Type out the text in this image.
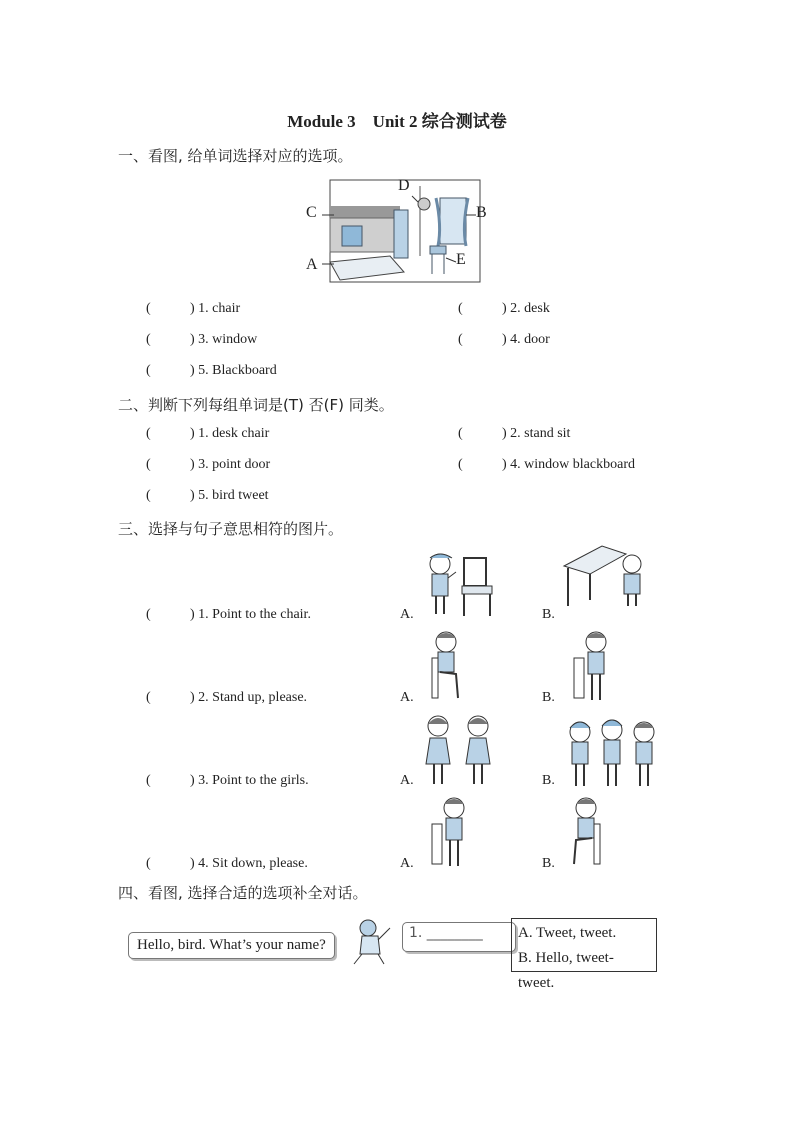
Module 3　Unit 2 综合测试卷
一、看图, 给单词选择对应的选项。
C
D
B
A	E
(	) 1. chair	(	) 2. desk
(	) 3. window	(	) 4. door
(	) 5. Blackboard
二、判断下列每组单词是(T) 否(F) 同类。
(	) 1. desk chair	(	) 2. stand sit
(	) 3. point door	(	) 4. window blackboard
(	) 5. bird tweet
三、选择与句子意思相符的图片。
(	) 1. Point to the chair.	A.	B.
(	) 2. Stand up, please.	A.	B.
(	) 3. Point to the girls.	A.	B.
(	) 4. Sit down, please.	A.	B.
四、看图, 选择合适的选项补全对话。
Hello, bird. What’s your name?
1. ________	A. Tweet, tweet.
B. Hello, tweet-tweet.
